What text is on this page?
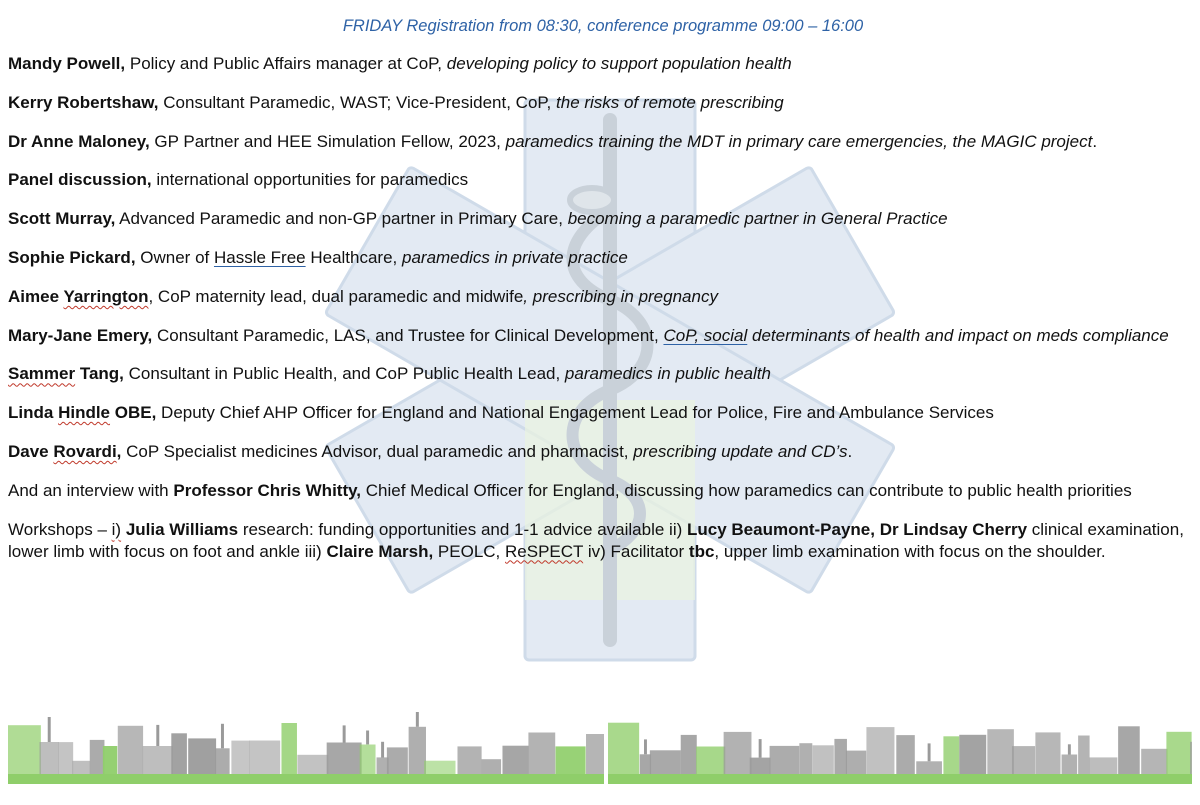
FRIDAY Registration from 08:30, conference programme 09:00 – 16:00

Mandy Powell, Policy and Public Affairs manager at CoP, developing policy to support population health

Kerry Robertshaw, Consultant Paramedic, WAST; Vice-President, CoP, the risks of remote prescribing

Dr Anne Maloney, GP Partner and HEE Simulation Fellow, 2023, paramedics training the MDT in primary care emergencies, the MAGIC project.

Panel discussion, international opportunities for paramedics

Scott Murray, Advanced Paramedic and non-GP partner in Primary Care, becoming a paramedic partner in General Practice

Sophie Pickard, Owner of Hassle Free Healthcare, paramedics in private practice

Aimee Yarrington, CoP maternity lead, dual paramedic and midwife, prescribing in pregnancy

Mary-Jane Emery, Consultant Paramedic, LAS, and Trustee for Clinical Development, CoP, social determinants of health and impact on meds compliance

Sammer Tang, Consultant in Public Health, and CoP Public Health Lead, paramedics in public health

Linda Hindle OBE, Deputy Chief AHP Officer for England and National Engagement Lead for Police, Fire and Ambulance Services

Dave Rovardi, CoP Specialist medicines Advisor, dual paramedic and pharmacist, prescribing update and CD’s.

And an interview with Professor Chris Whitty, Chief Medical Officer for England, discussing how paramedics can contribute to public health priorities

Workshops – i) Julia Williams research: funding opportunities and 1-1 advice available ii) Lucy Beaumont-Payne, Dr Lindsay Cherry clinical examination, lower limb with focus on foot and ankle iii) Claire Marsh, PEOLC, ReSPECT iv) Facilitator tbc, upper limb examination with focus on the shoulder.
